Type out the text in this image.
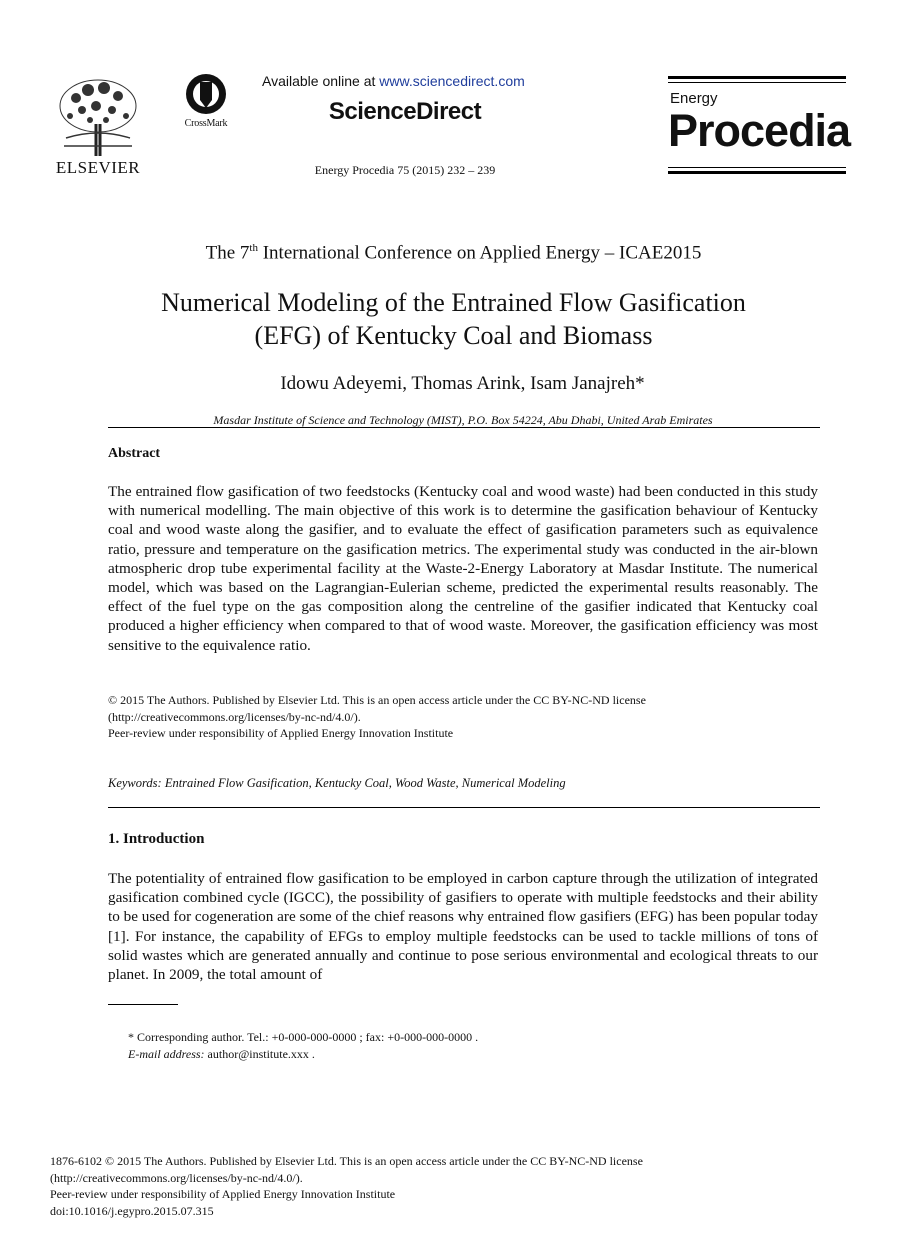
ELSEVIER
CrossMark
Available online at www.sciencedirect.com
ScienceDirect
Energy Procedia 75 (2015) 232 – 239
Energy
Procedia
The 7th International Conference on Applied Energy – ICAE2015
Numerical Modeling of the Entrained Flow Gasification
(EFG) of Kentucky Coal and Biomass
Idowu Adeyemi, Thomas Arink, Isam Janajreh*
Masdar Institute of Science and Technology (MIST), P.O. Box 54224, Abu Dhabi, United Arab Emirates
Abstract
The entrained flow gasification of two feedstocks (Kentucky coal and wood waste) had been conducted in this study with numerical modelling. The main objective of this work is to determine the gasification behaviour of Kentucky coal and wood waste along the gasifier, and to evaluate the effect of gasification parameters such as equivalence ratio, pressure and temperature on the gasification metrics. The experimental study was conducted in the air-blown atmospheric drop tube experimental facility at the Waste-2-Energy Laboratory at Masdar Institute. The numerical model, which was based on the Lagrangian-Eulerian scheme, predicted the experimental results reasonably. The effect of the fuel type on the gas composition along the centreline of the gasifier indicated that Kentucky coal produced a higher efficiency when compared to that of wood waste. Moreover, the gasification efficiency was most sensitive to the equivalence ratio.
© 2015 The Authors. Published by Elsevier Ltd. This is an open access article under the CC BY-NC-ND license
(http://creativecommons.org/licenses/by-nc-nd/4.0/).
Peer-review under responsibility of Applied Energy Innovation Institute
Keywords: Entrained Flow Gasification, Kentucky Coal, Wood Waste, Numerical Modeling
1. Introduction
The potentiality of entrained flow gasification to be employed in carbon capture through the utilization of integrated gasification combined cycle (IGCC), the possibility of gasifiers to operate with multiple feedstocks and their ability to be used for cogeneration are some of the chief reasons why entrained flow gasifiers (EFG) has been popular today [1]. For instance, the capability of EFGs to employ multiple feedstocks can be used to tackle millions of tons of solid wastes which are generated annually and continue to pose serious environmental and ecological threats to our planet. In 2009, the total amount of
* Corresponding author. Tel.: +0-000-000-0000 ; fax: +0-000-000-0000 .
E-mail address: author@institute.xxx .
1876-6102 © 2015 The Authors. Published by Elsevier Ltd. This is an open access article under the CC BY-NC-ND license
(http://creativecommons.org/licenses/by-nc-nd/4.0/).
Peer-review under responsibility of Applied Energy Innovation Institute
doi:10.1016/j.egypro.2015.07.315
